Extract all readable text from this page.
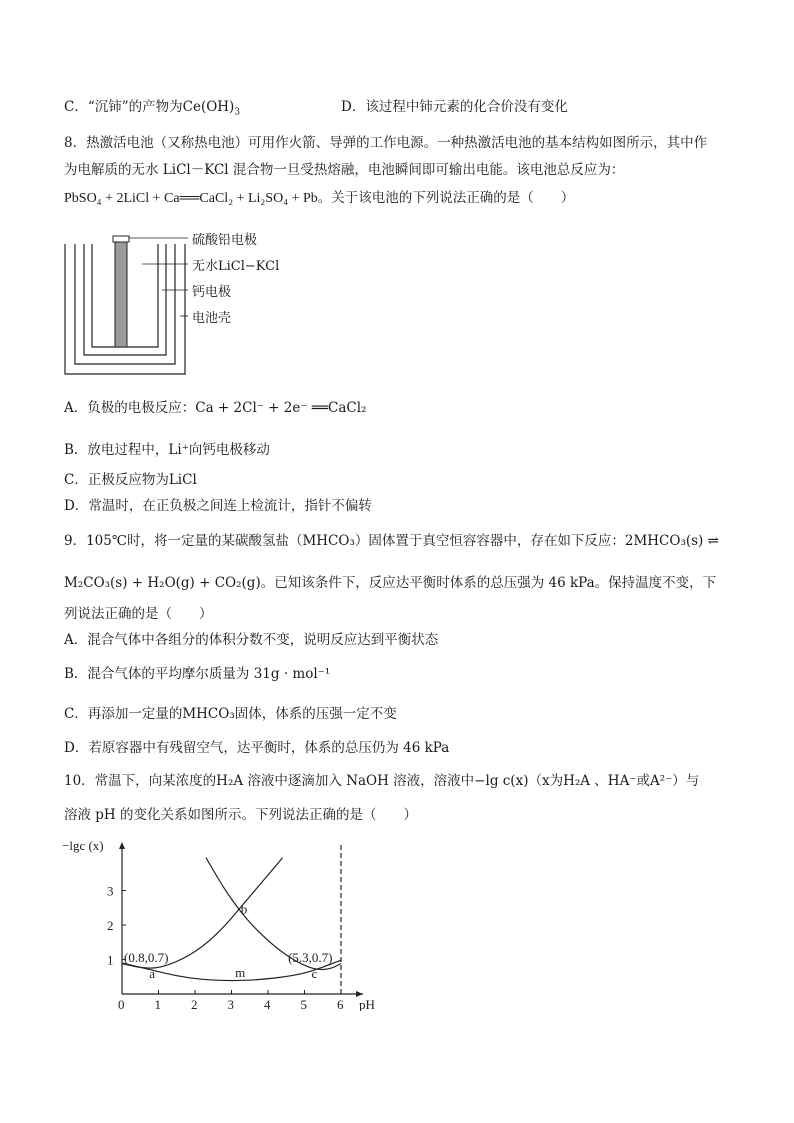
C．“沉铈”的产物为$Ce(OH)_3$	D．该过程中铈元素的化合价没有变化
8．热激活电池（又称热电池）可用作火箭、导弹的工作电源。一种热激活电池的基本结构如图所示，其中作
为电解质的无水 LiCl－KCl 混合物一旦受热熔融，电池瞬间即可输出电能。该电池总反应为：
PbSO₄ + 2LiCl + Ca══CaCl₂ + Li₂SO₄ + Pb。关于该电池的下列说法正确的是（　　）
硫酸铅电极
无水LiCl−KCl
钙电极
电池壳
A．负极的电极反应：Ca + 2Cl⁻ + 2e⁻ ══CaCl₂
B．放电过程中，Li⁺向钙电极移动
C．正极反应物为LiCl
D．常温时，在正负极之间连上检流计，指针不偏转
9．105℃时，将一定量的某碳酸氢盐（MHCO₃）固体置于真空恒容容器中，存在如下反应：2MHCO₃(s) ⇌
M₂CO₃(s) + H₂O(g) + CO₂(g)。已知该条件下，反应达平衡时体系的总压强为 46 kPa。保持温度不变，下
列说法正确的是（　　）
A．混合气体中各组分的体积分数不变，说明反应达到平衡状态
B．混合气体的平均摩尔质量为 31g · mol⁻¹
C．再添加一定量的MHCO₃固体，体系的压强一定不变
D．若原容器中有残留空气，达平衡时，体系的总压仍为 46 kPa
10．常温下，向某浓度的H₂A 溶液中逐滴加入 NaOH 溶液，溶液中−lg c(x)（x为H₂A 、HA⁻或A²⁻）与
溶液 pH 的变化关系如图所示。下列说法正确的是（　　）
−lgc (x)
pH
0 1 2 3 4 5 6
1
2
3
(0.8,0.7)
a
b
m
(5.3,0.7)
c
